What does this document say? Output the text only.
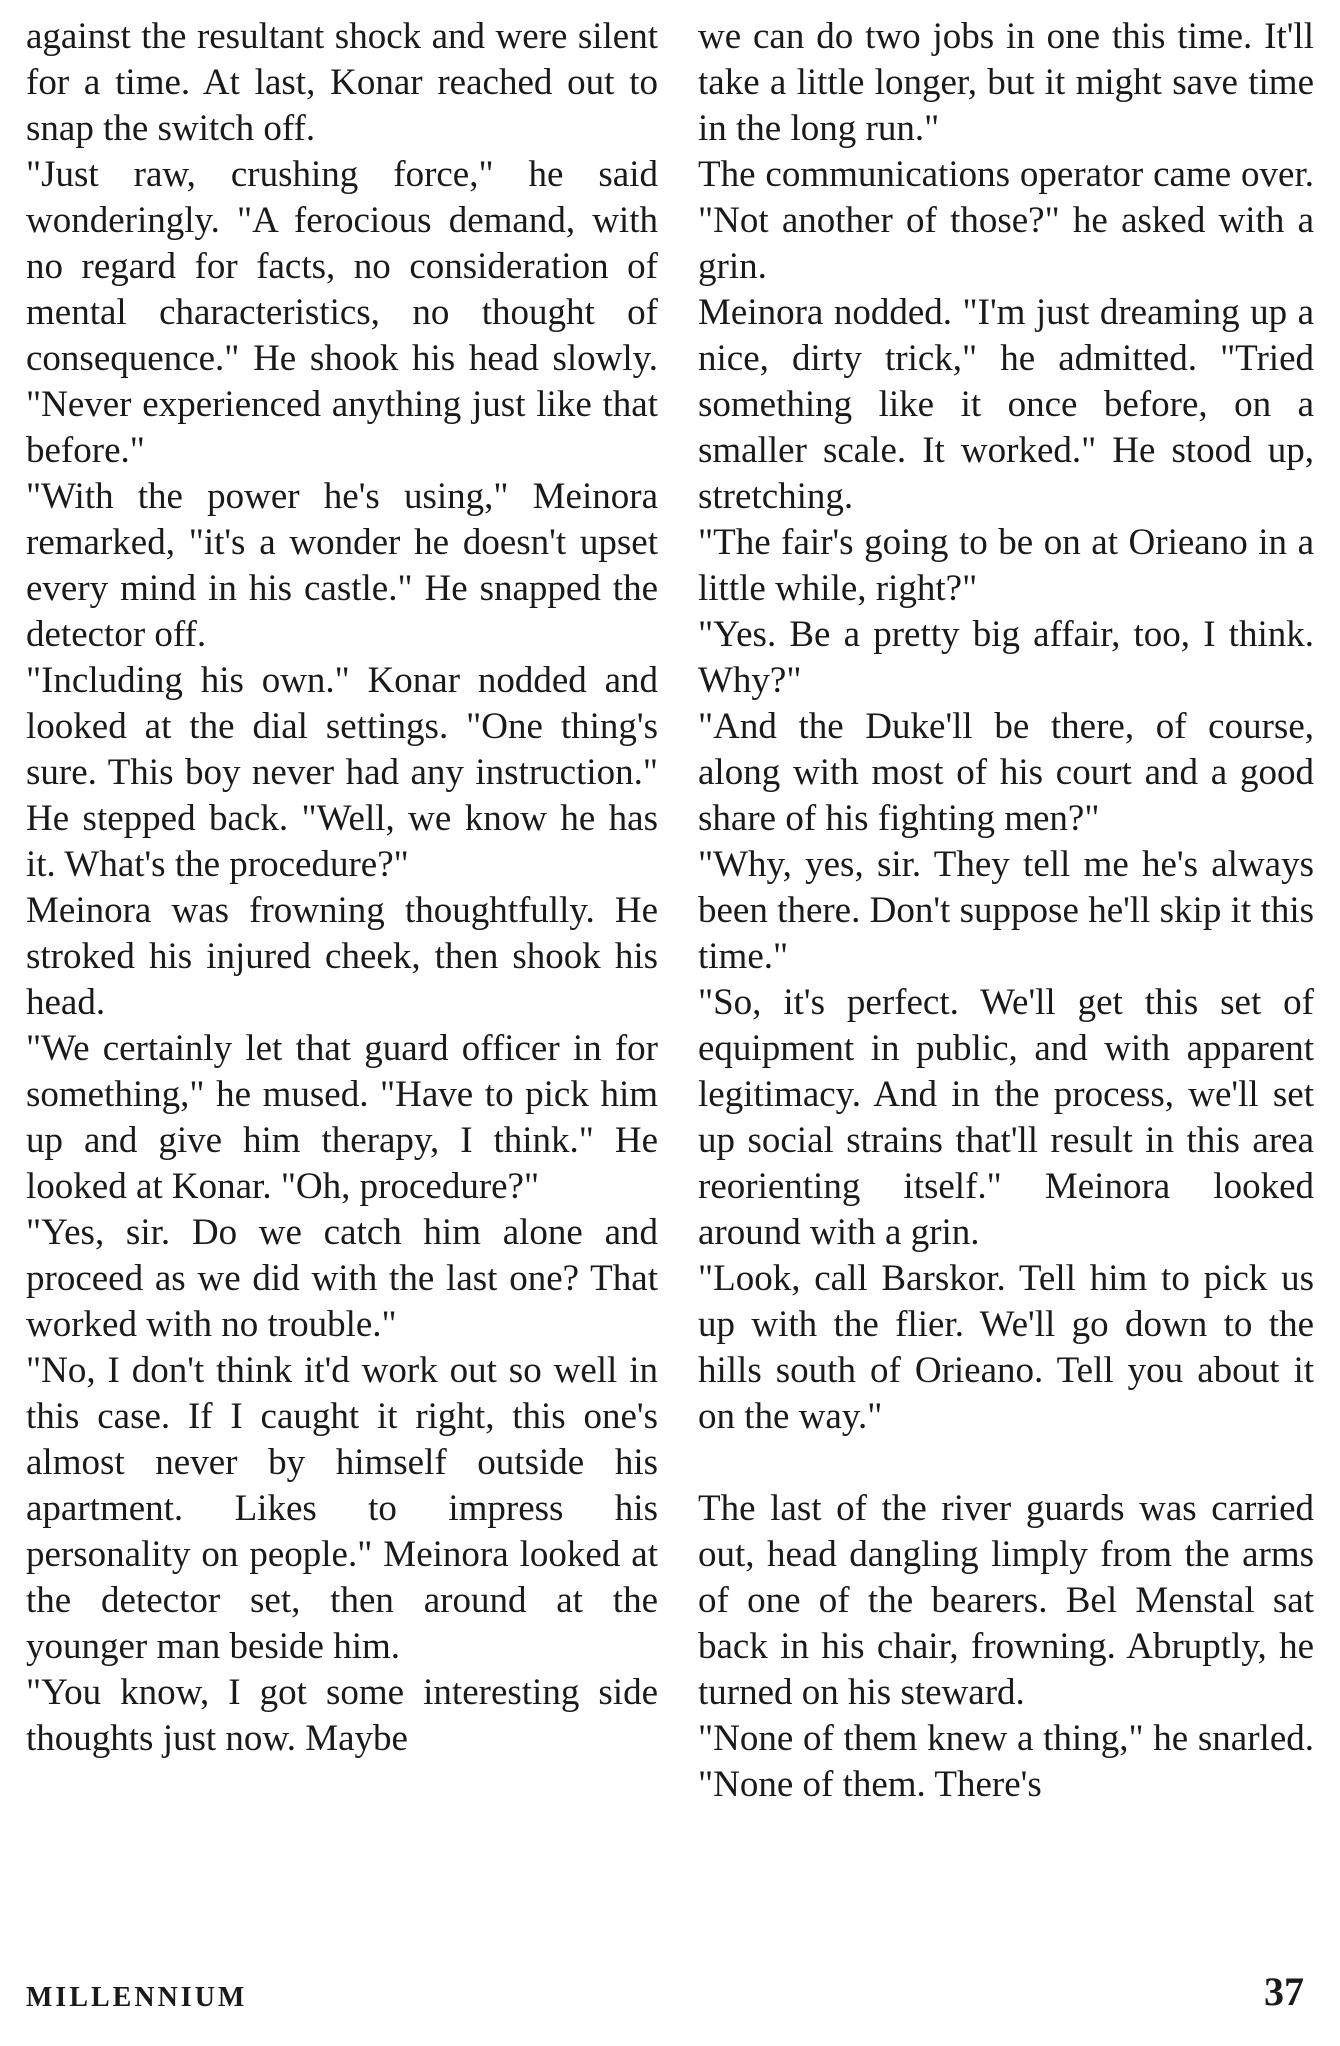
against the resultant shock and were silent for a time. At last, Konar reached out to snap the switch off.

"Just raw, crushing force," he said wonderingly. "A ferocious demand, with no regard for facts, no consideration of mental characteristics, no thought of consequence." He shook his head slowly. "Never experienced anything just like that before."

"With the power he's using," Meinora remarked, "it's a wonder he doesn't upset every mind in his castle." He snapped the detector off.

"Including his own." Konar nodded and looked at the dial settings. "One thing's sure. This boy never had any instruction." He stepped back. "Well, we know he has it. What's the procedure?"

Meinora was frowning thoughtfully. He stroked his injured cheek, then shook his head.

"We certainly let that guard officer in for something," he mused. "Have to pick him up and give him therapy, I think." He looked at Konar. "Oh, procedure?"

"Yes, sir. Do we catch him alone and proceed as we did with the last one? That worked with no trouble."

"No, I don't think it'd work out so well in this case. If I caught it right, this one's almost never by himself outside his apartment. Likes to impress his personality on people." Meinora looked at the detector set, then around at the younger man beside him.

"You know, I got some interesting side thoughts just now. Maybe

we can do two jobs in one this time. It'll take a little longer, but it might save time in the long run."

The communications operator came over. "Not another of those?" he asked with a grin.

Meinora nodded. "I'm just dreaming up a nice, dirty trick," he admitted. "Tried something like it once before, on a smaller scale. It worked." He stood up, stretching.

"The fair's going to be on at Orieano in a little while, right?"

"Yes. Be a pretty big affair, too, I think. Why?"

"And the Duke'll be there, of course, along with most of his court and a good share of his fighting men?"

"Why, yes, sir. They tell me he's always been there. Don't suppose he'll skip it this time."

"So, it's perfect. We'll get this set of equipment in public, and with apparent legitimacy. And in the process, we'll set up social strains that'll result in this area reorienting itself." Meinora looked around with a grin.

"Look, call Barskor. Tell him to pick us up with the flier. We'll go down to the hills south of Orieano. Tell you about it on the way."

The last of the river guards was carried out, head dangling limply from the arms of one of the bearers. Bel Menstal sat back in his chair, frowning. Abruptly, he turned on his steward.

"None of them knew a thing," he snarled. "None of them. There's

MILLENNIUM	37
